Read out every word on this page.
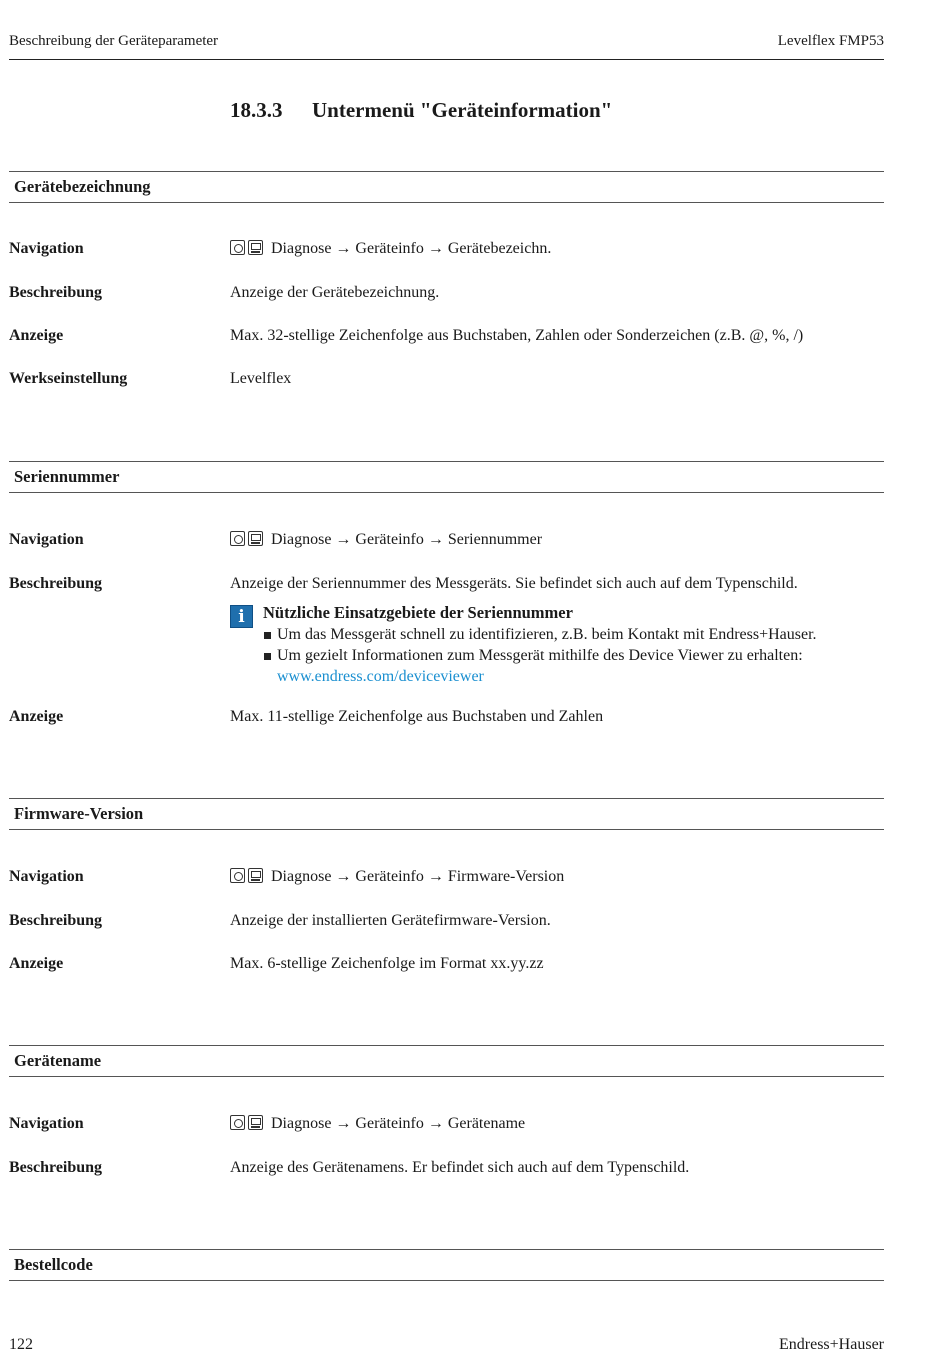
Beschreibung der Geräteparameter	Levelflex FMP53
18.3.3 Untermenü "Geräteinformation"
Gerätebezeichnung
Navigation	Diagnose → Geräteinfo → Gerätebezeichn.
Beschreibung	Anzeige der Gerätebezeichnung.
Anzeige	Max. 32-stellige Zeichenfolge aus Buchstaben, Zahlen oder Sonderzeichen (z.B. @, %, /)
Werkseinstellung	Levelflex
Seriennummer
Navigation	Diagnose → Geräteinfo → Seriennummer
Beschreibung	Anzeige der Seriennummer des Messgeräts. Sie befindet sich auch auf dem Typenschild.
i	Nützliche Einsatzgebiete der Seriennummer
Um das Messgerät schnell zu identifizieren, z.B. beim Kontakt mit Endress+Hauser.
Um gezielt Informationen zum Messgerät mithilfe des Device Viewer zu erhalten:
www.endress.com/deviceviewer
Anzeige	Max. 11-stellige Zeichenfolge aus Buchstaben und Zahlen
Firmware-Version
Navigation	Diagnose → Geräteinfo → Firmware-Version
Beschreibung	Anzeige der installierten Gerätefirmware-Version.
Anzeige	Max. 6-stellige Zeichenfolge im Format xx.yy.zz
Gerätename
Navigation	Diagnose → Geräteinfo → Gerätename
Beschreibung	Anzeige des Gerätenamens. Er befindet sich auch auf dem Typenschild.
Bestellcode
122	Endress+Hauser
